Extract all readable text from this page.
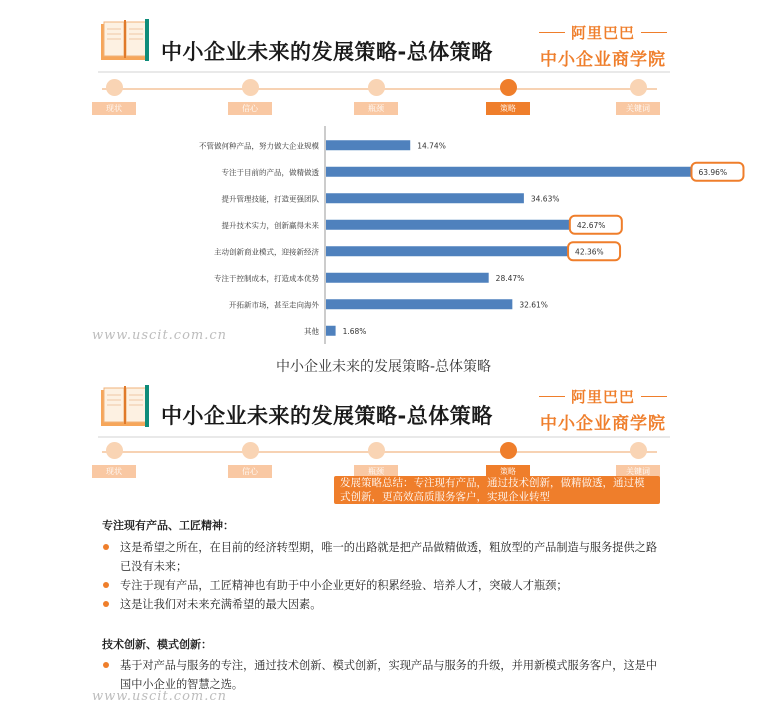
中小企业未来的发展策略-总体策略
阿里巴巴
中小企业商学院
现状	信心	瓶颈	策略	关键词
不管做何种产品，努力做大企业规模	14.74%
专注于目前的产品，做精做透	63.96%
提升管理技能，打造更强团队	34.63%
提升技术实力，创新赢得未来	42.67%
主动创新商业模式，迎接新经济	42.36%
专注于控制成本，打造成本优势	28.47%
开拓新市场，甚至走向海外	32.61%
其他	1.68%
www.uscit.com.cn
中小企业未来的发展策略-总体策略
中小企业未来的发展策略-总体策略
阿里巴巴
中小企业商学院
现状	信心	瓶颈	策略	关键词
发展策略总结：专注现有产品，通过技术创新，做精做透，通过模式创新，更高效高质服务客户，实现企业转型
专注现有产品、工匠精神：
这是希望之所在，在目前的经济转型期，唯一的出路就是把产品做精做透，粗放型的产品制造与服务提供之路已没有未来；
专注于现有产品，工匠精神也有助于中小企业更好的积累经验、培养人才，突破人才瓶颈；
这是让我们对未来充满希望的最大因素。
技术创新、模式创新：
基于对产品与服务的专注，通过技术创新、模式创新，实现产品与服务的升级，并用新模式服务客户，这是中国中小企业的智慧之选。
www.uscit.com.cn
